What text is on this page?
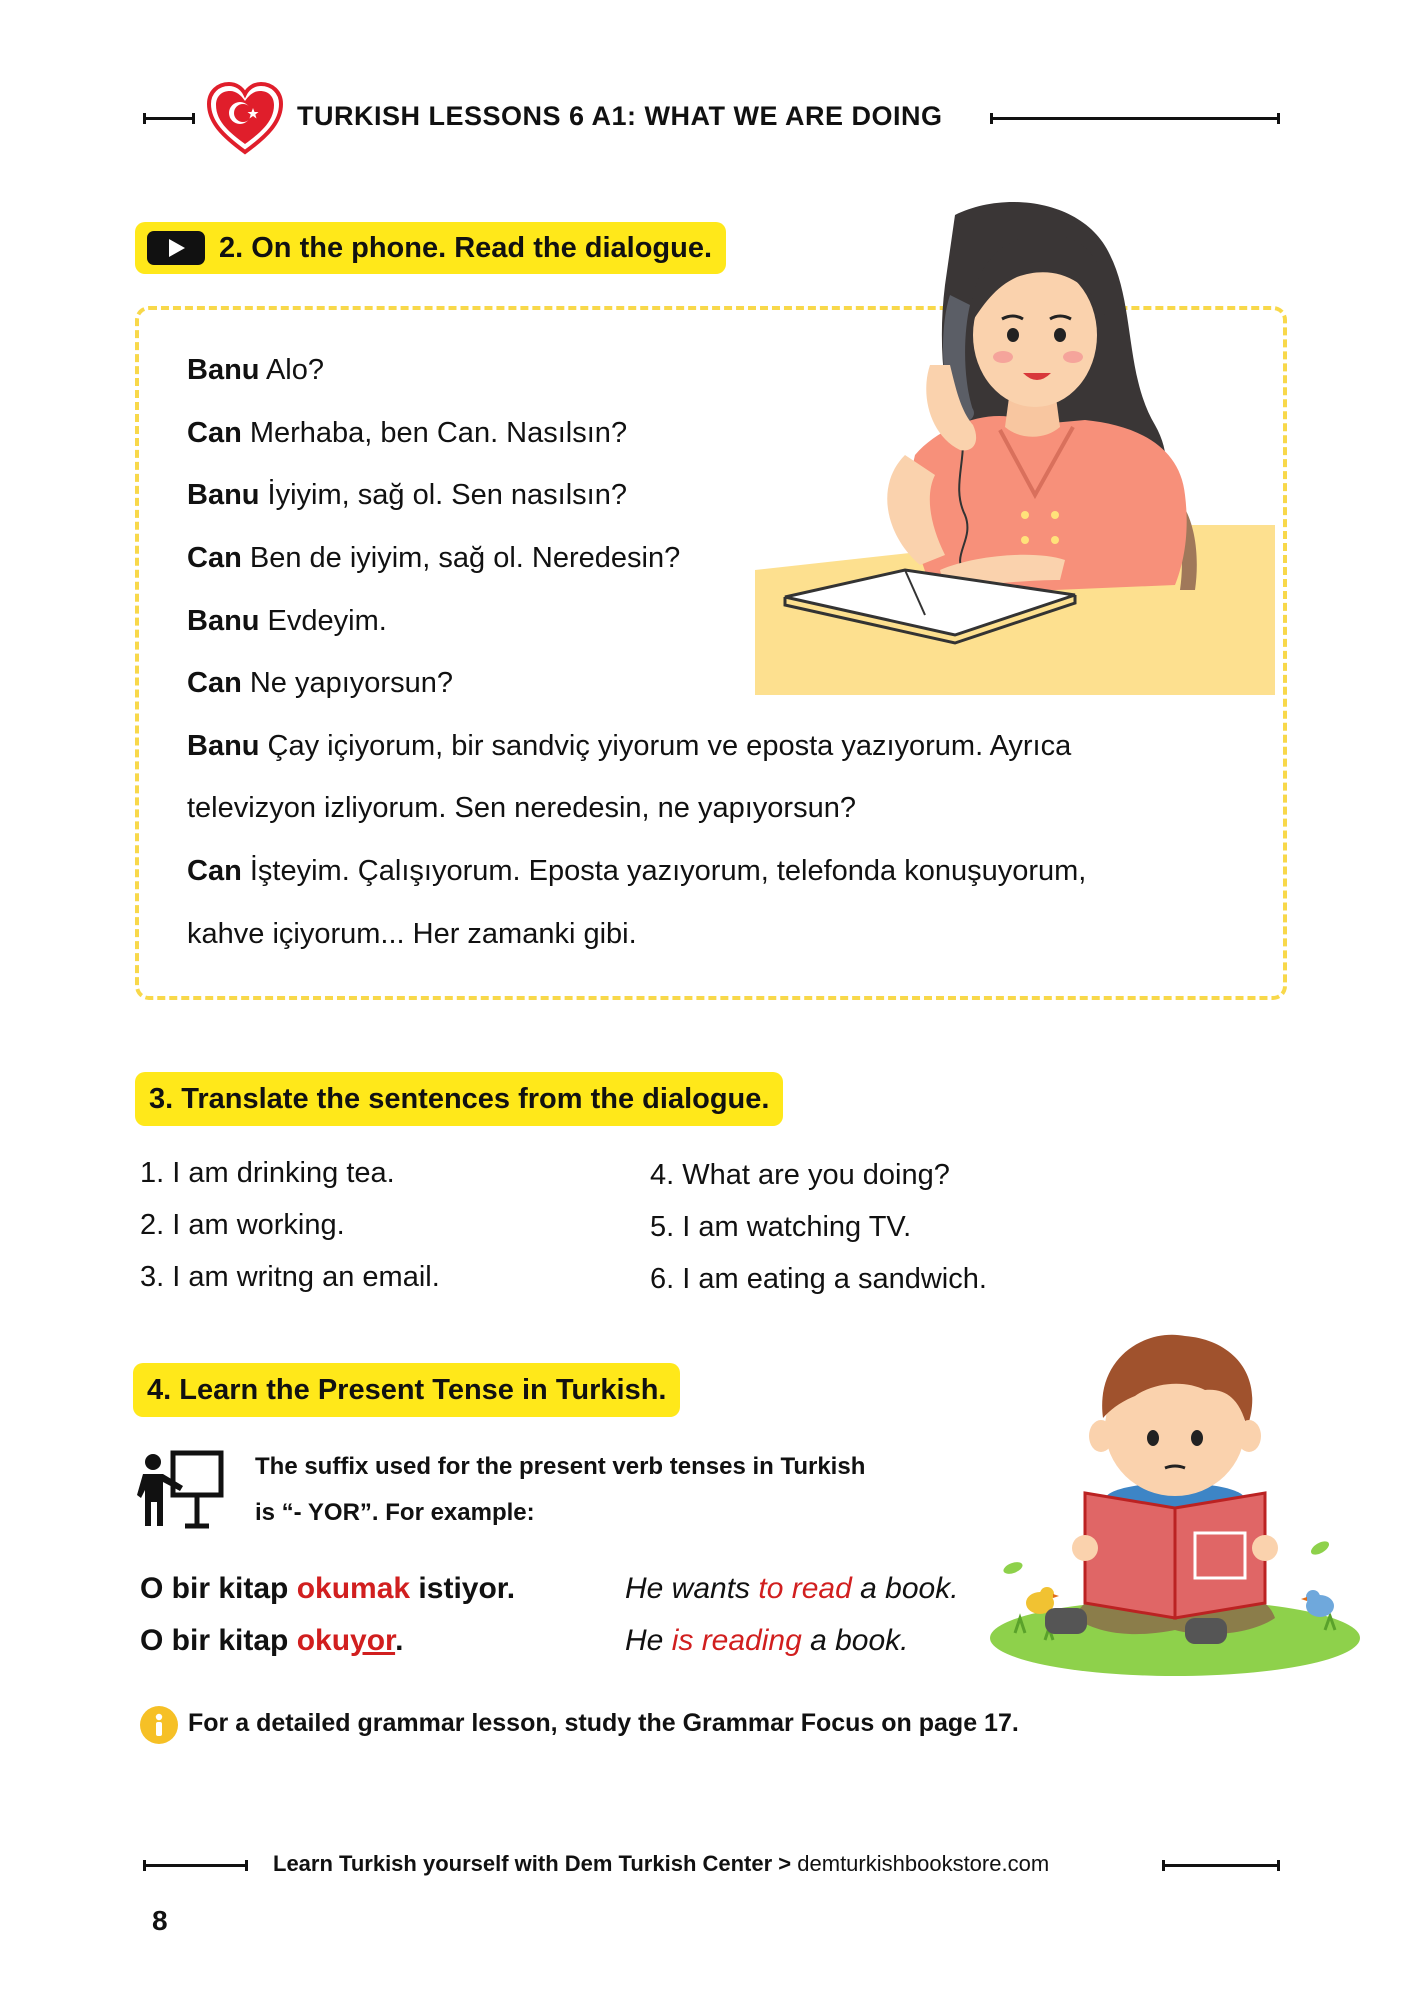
TURKISH LESSONS 6 A1: WHAT WE ARE DOING
2. On the phone. Read the dialogue.
Banu Alo?
Can Merhaba, ben Can. Nasılsın?
Banu İyiyim, sağ ol. Sen nasılsın?
Can Ben de iyiyim, sağ ol. Neredesin?
Banu Evdeyim.
Can Ne yapıyorsun?
Banu Çay içiyorum, bir sandviç yiyorum ve eposta yazıyorum. Ayrıca
televizyon izliyorum. Sen neredesin, ne yapıyorsun?
Can İşteyim. Çalışıyorum. Eposta yazıyorum, telefonda konuşuyorum,
kahve içiyorum... Her zamanki gibi.
3. Translate the sentences from the dialogue.
1. I am drinking tea.
2. I am working.
3. I am writng an email.
4. What are you doing?
5. I am watching TV.
6. I am eating a sandwich.
4. Learn the Present Tense in Turkish.
The suffix used for the present verb tenses in Turkish
is “- YOR”. For example:
O bir kitap okumak istiyor.	He wants to read a book.
O bir kitap okuyor.	He is reading a book.
For a detailed grammar lesson, study the Grammar Focus on page 17.
Learn Turkish yourself with Dem Turkish Center > demturkishbookstore.com
8
